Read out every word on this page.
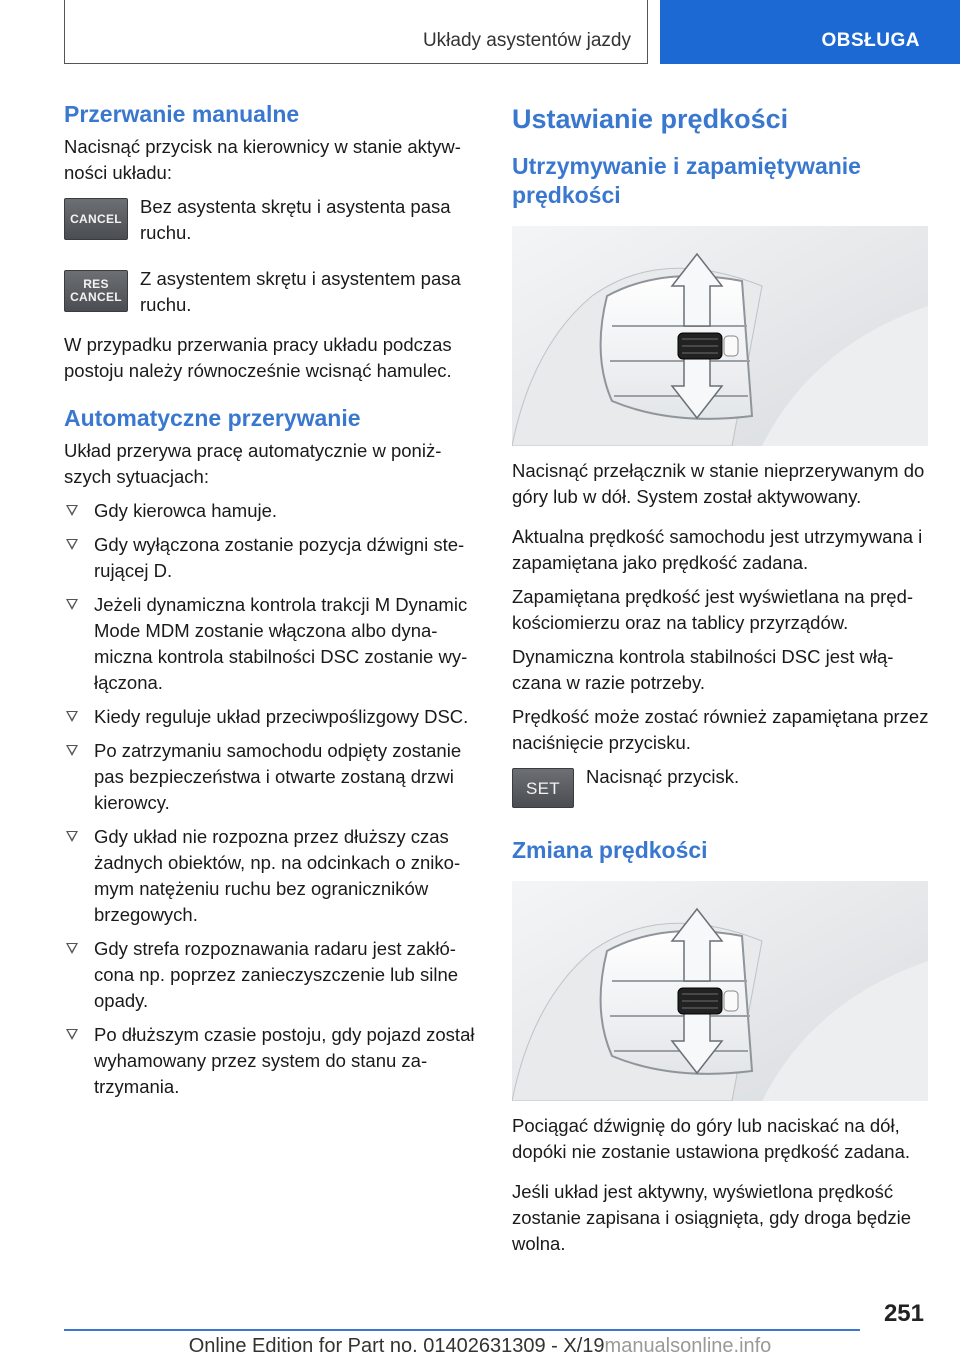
Układy asystentów jazdy	OBSŁUGA
Przerwanie manualne

Nacisnąć przycisk na kierownicy w stanie aktywności układu:

CANCEL

Bez asystenta skrętu i asystenta pasa ruchu.

RES
CANCEL

Z asystentem skrętu i asystentem pasa ruchu.

W przypadku przerwania pracy układu podczas postoju należy równocześnie wcisnąć hamulec.

Automatyczne przerywanie

Układ przerywa pracę automatycznie w poniższych sytuacjach:

Gdy kierowca hamuje.
Gdy wyłączona zostanie pozycja dźwigni sterującej D.
Jeżeli dynamiczna kontrola trakcji M Dynamic Mode MDM zostanie włączona albo dynamiczna kontrola stabilności DSC zostanie wyłączona.
Kiedy reguluje układ przeciwpoślizgowy DSC.
Po zatrzymaniu samochodu odpięty zostanie pas bezpieczeństwa i otwarte zostaną drzwi kierowcy.
Gdy układ nie rozpozna przez dłuższy czas żadnych obiektów, np. na odcinkach o znikomym natężeniu ruchu bez ograniczników brzegowych.
Gdy strefa rozpoznawania radaru jest zakłócona np. poprzez zanieczyszczenie lub silne opady.
Po dłuższym czasie postoju, gdy pojazd został wyhamowany przez system do stanu zatrzymania.
Ustawianie prędkości
Utrzymywanie i zapamiętywanie prędkości

Nacisnąć przełącznik w stanie nieprzerywanym do góry lub w dół. System został aktywowany.

Aktualna prędkość samochodu jest utrzymywana i zapamiętana jako prędkość zadana.

Zapamiętana prędkość jest wyświetlana na prędkościomierzu oraz na tablicy przyrządów.

Dynamiczna kontrola stabilności DSC jest włączana w razie potrzeby.

Prędkość może zostać również zapamiętana przez naciśnięcie przycisku.

SET

Nacisnąć przycisk.

Zmiana prędkości

Pociągać dźwignię do góry lub naciskać na dół, dopóki nie zostanie ustawiona prędkość zadana.

Jeśli układ jest aktywny, wyświetlona prędkość zostanie zapisana i osiągnięta, gdy droga będzie wolna.

251
Online Edition for Part no. 01402631309 - X/19manualsonline.info
